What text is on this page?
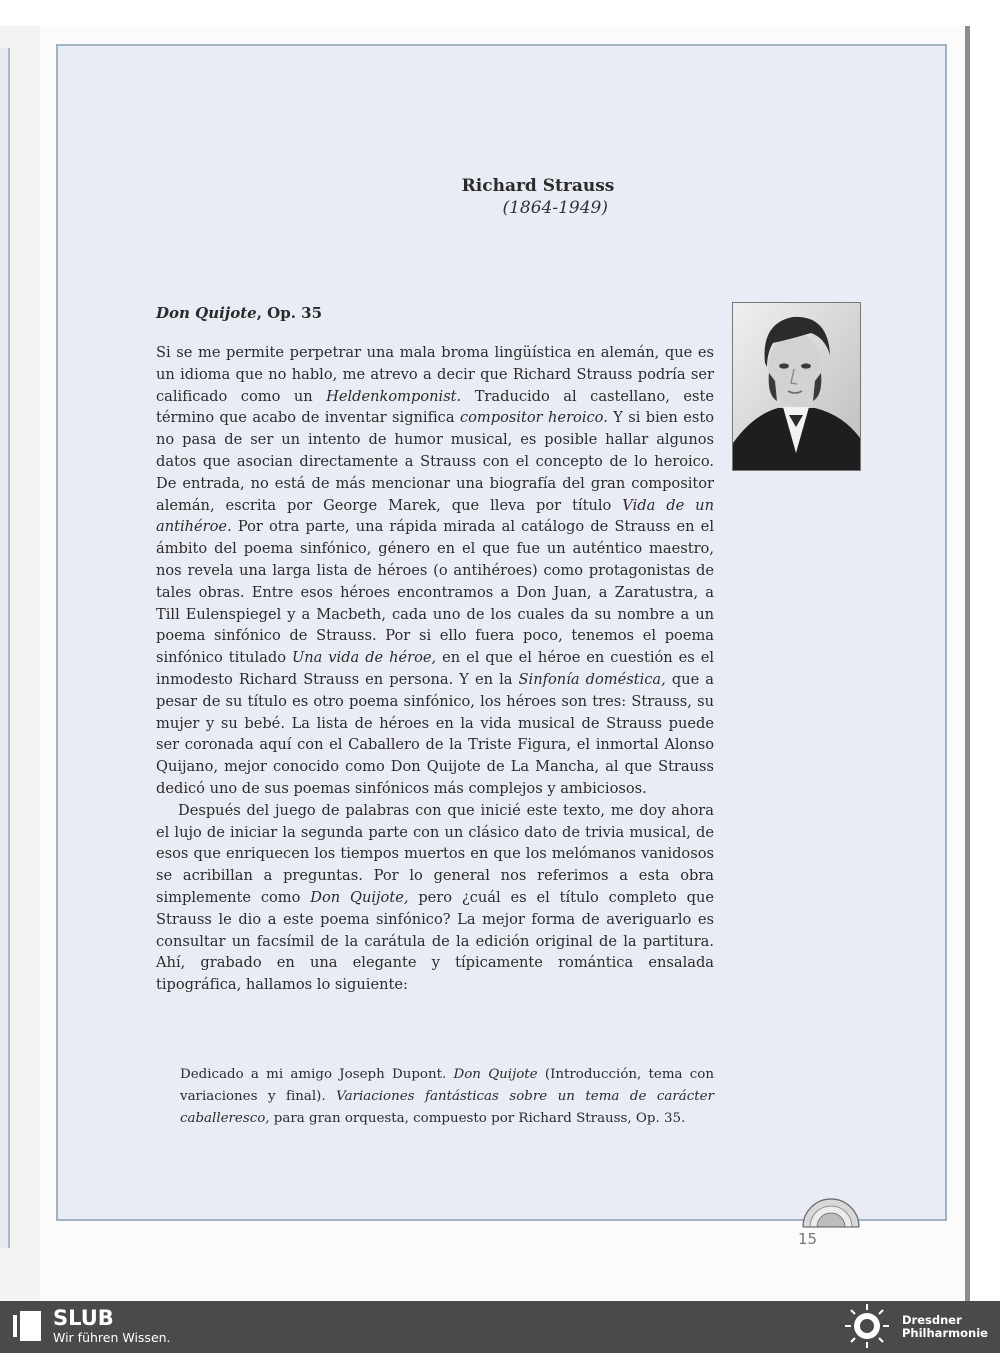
Richard Strauss
(1864-1949)
Don Quijote, Op. 35

Si se me permite perpetrar una mala broma lingüística en alemán, que es un idioma que no hablo, me atrevo a decir que Richard Strauss podría ser calificado como un Heldenkomponist. Traducido al castellano, este término que acabo de inventar significa compositor heroico. Y si bien esto no pasa de ser un intento de humor musical, es posible hallar algunos datos que asocian directamente a Strauss con el concepto de lo heroico. De entrada, no está de más mencionar una biografía del gran compositor alemán, escrita por George Marek, que lleva por título Vida de un antihéroe. Por otra parte, una rápida mirada al catálogo de Strauss en el ámbito del poema sinfónico, género en el que fue un auténtico maestro, nos revela una larga lista de héroes (o antihéroes) como protagonistas de tales obras. Entre esos héroes encontramos a Don Juan, a Zaratustra, a Till Eulenspiegel y a Macbeth, cada uno de los cuales da su nombre a un poema sinfónico de Strauss. Por si ello fuera poco, tenemos el poema sinfónico titulado Una vida de héroe, en el que el héroe en cuestión es el inmodesto Richard Strauss en persona. Y en la Sinfonía doméstica, que a pesar de su título es otro poema sinfónico, los héroes son tres: Strauss, su mujer y su bebé. La lista de héroes en la vida musical de Strauss puede ser coronada aquí con el Caballero de la Triste Figura, el inmortal Alonso Quijano, mejor conocido como Don Quijote de La Mancha, al que Strauss dedicó uno de sus poemas sinfónicos más complejos y ambiciosos.

Después del juego de palabras con que inicié este texto, me doy ahora el lujo de iniciar la segunda parte con un clásico dato de trivia musical, de esos que enriquecen los tiempos muertos en que los melómanos vanidosos se acribillan a preguntas. Por lo general nos referimos a esta obra simplemente como Don Quijote, pero ¿cuál es el título completo que Strauss le dio a este poema sinfónico? La mejor forma de averiguarlo es consultar un facsímil de la carátula de la edición original de la partitura. Ahí, grabado en una elegante y típicamente romántica ensalada tipográfica, hallamos lo siguiente:

Dedicado a mi amigo Joseph Dupont. Don Quijote (Introducción, tema con variaciones y final). Variaciones fantásticas sobre un tema de carácter caballeresco, para gran orquesta, compuesto por Richard Strauss, Op. 35.

15
SLUB
Wir führen Wissen.
Dresdner
Philharmonie
